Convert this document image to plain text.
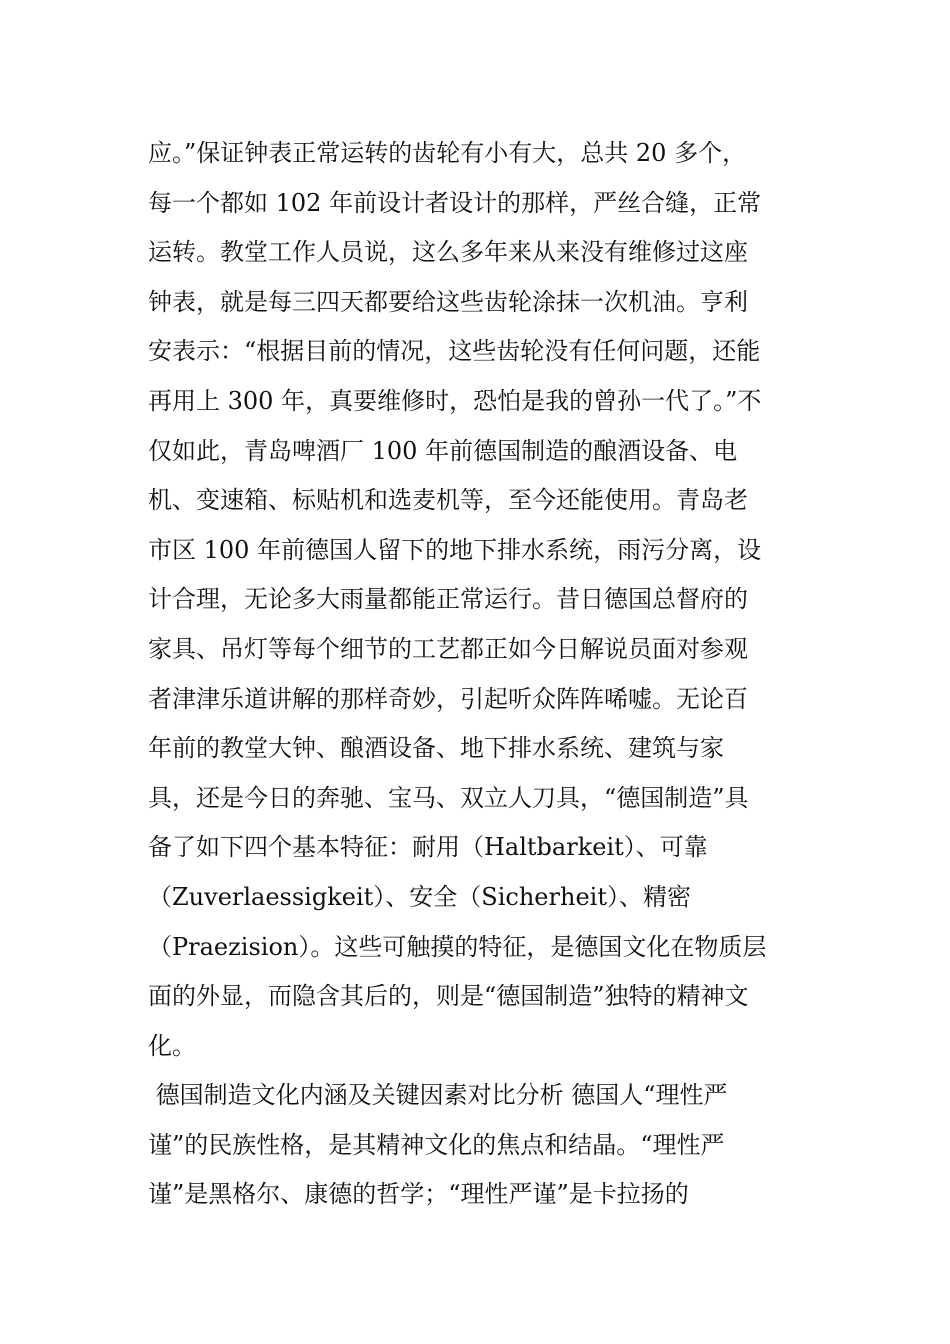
应。”保证钟表正常运转的齿轮有小有大，总共 20 多个，
每一个都如 102 年前设计者设计的那样，严丝合缝，正常
运转。教堂工作人员说，这么多年来从来没有维修过这座
钟表，就是每三四天都要给这些齿轮涂抹一次机油。亨利
安表示：“根据目前的情况，这些齿轮没有任何问题，还能
再用上 300 年，真要维修时，恐怕是我的曾孙一代了。”不
仅如此，青岛啤酒厂 100 年前德国制造的酿酒设备、电
机、变速箱、标贴机和选麦机等，至今还能使用。青岛老
市区 100 年前德国人留下的地下排水系统，雨污分离，设
计合理，无论多大雨量都能正常运行。昔日德国总督府的
家具、吊灯等每个细节的工艺都正如今日解说员面对参观
者津津乐道讲解的那样奇妙，引起听众阵阵唏嘘。无论百
年前的教堂大钟、酿酒设备、地下排水系统、建筑与家
具，还是今日的奔驰、宝马、双立人刀具，“德国制造”具
备了如下四个基本特征：耐用（Haltbarkeit）、可靠
（Zuverlaessigkeit）、安全（Sicherheit）、精密
（Praezision）。这些可触摸的特征，是德国文化在物质层
面的外显，而隐含其后的，则是“德国制造”独特的精神文
化。
德国制造文化内涵及关键因素对比分析 德国人“理性严
谨”的民族性格，是其精神文化的焦点和结晶。“理性严
谨”是黑格尔、康德的哲学；“理性严谨”是卡拉扬的
